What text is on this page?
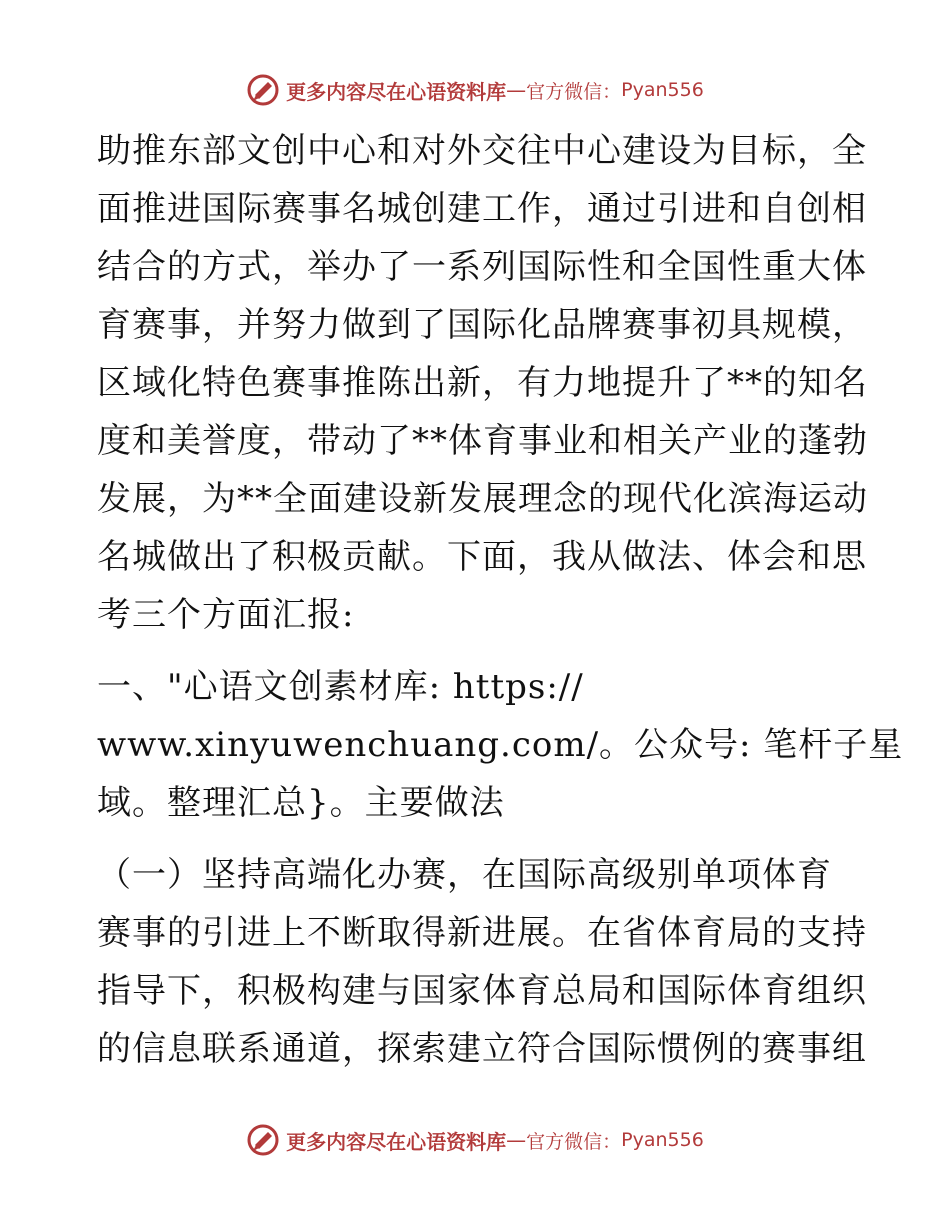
更多内容尽在心语资料库 — 官方微信： Pyan556
助推东部文创中心和对外交往中心建设为目标，全
面推进国际赛事名城创建工作，通过引进和自创相
结合的方式，举办了一系列国际性和全国性重大体
育赛事，并努力做到了国际化品牌赛事初具规模，
区域化特色赛事推陈出新，有力地提升了**的知名
度和美誉度，带动了**体育事业和相关产业的蓬勃
发展，为**全面建设新发展理念的现代化滨海运动
名城做出了积极贡献。下面，我从做法、体会和思
考三个方面汇报:
一、"心语文创素材库: https://
www.xinyuwenchuang.com/。公众号: 笔杆子星
域。整理汇总}。主要做法
（一）坚持高端化办赛，在国际高级别单项体育
赛事的引进上不断取得新进展。在省体育局的支持
指导下，积极构建与国家体育总局和国际体育组织
的信息联系通道，探索建立符合国际惯例的赛事组
更多内容尽在心语资料库 — 官方微信： Pyan556
